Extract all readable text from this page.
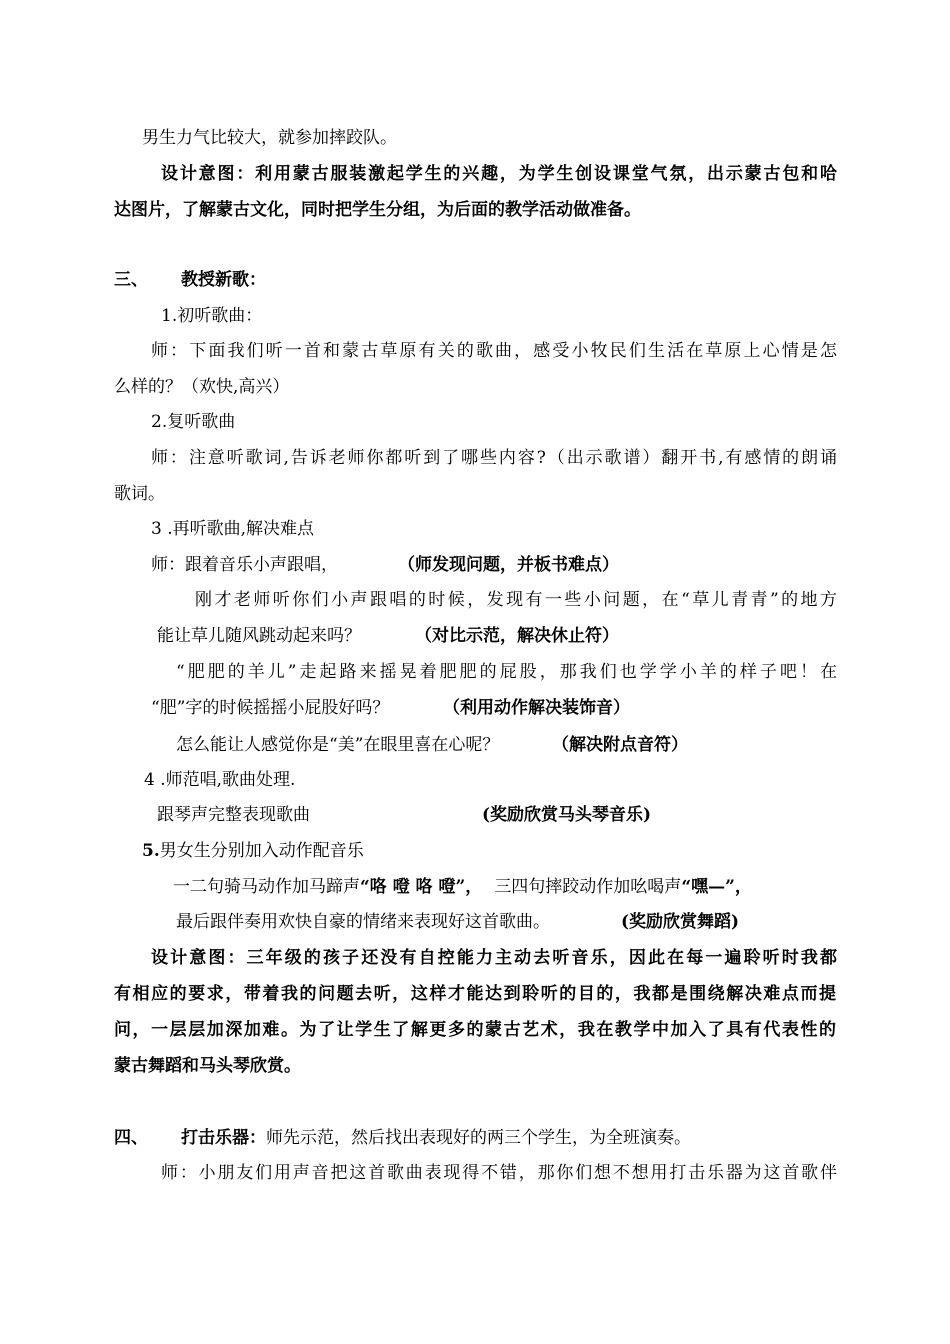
男生力气比较大，就参加摔跤队。
设计意图：利用蒙古服装激起学生的兴趣，为学生创设课堂气氛，出示蒙古包和哈
达图片，了解蒙古文化，同时把学生分组，为后面的教学活动做准备。
三、 教授新歌：
1.初听歌曲：
师：下面我们听一首和蒙古草原有关的歌曲，感受小牧民们生活在草原上心情是怎
么样的？（欢快,高兴）
2.复听歌曲
师：注意听歌词,告诉老师你都听到了哪些内容?（出示歌谱）翻开书,有感情的朗诵
歌词。
3 .再听歌曲,解决难点
师：跟着音乐小声跟唱，	（师发现问题，并板书难点）
刚才老师听你们小声跟唱的时候，发现有一些小问题，在“草儿青青”的地方
能让草儿随风跳动起来吗？	（对比示范，解决休止符）
“肥肥的羊儿”走起路来摇晃着肥肥的屁股，那我们也学学小羊的样子吧！在
“肥”字的时候摇摇小屁股好吗？	（利用动作解决装饰音）
怎么能让人感觉你是“美”在眼里喜在心呢？	（解决附点音符）
4 .师范唱,歌曲处理.
跟琴声完整表现歌曲	(奖励欣赏马头琴音乐)
5.男女生分别加入动作配音乐
一二句骑马动作加马蹄声“咯 噔 咯 噔”， 三四句摔跤动作加吆喝声“嘿—”，
最后跟伴奏用欢快自豪的情绪来表现好这首歌曲。	(奖励欣赏舞蹈)
设计意图：三年级的孩子还没有自控能力主动去听音乐，因此在每一遍聆听时我都
有相应的要求，带着我的问题去听，这样才能达到聆听的目的，我都是围绕解决难点而提
问，一层层加深加难。为了让学生了解更多的蒙古艺术，我在教学中加入了具有代表性的
蒙古舞蹈和马头琴欣赏。
四、 打击乐器：师先示范，然后找出表现好的两三个学生，为全班演奏。
师：小朋友们用声音把这首歌曲表现得不错，那你们想不想用打击乐器为这首歌伴
